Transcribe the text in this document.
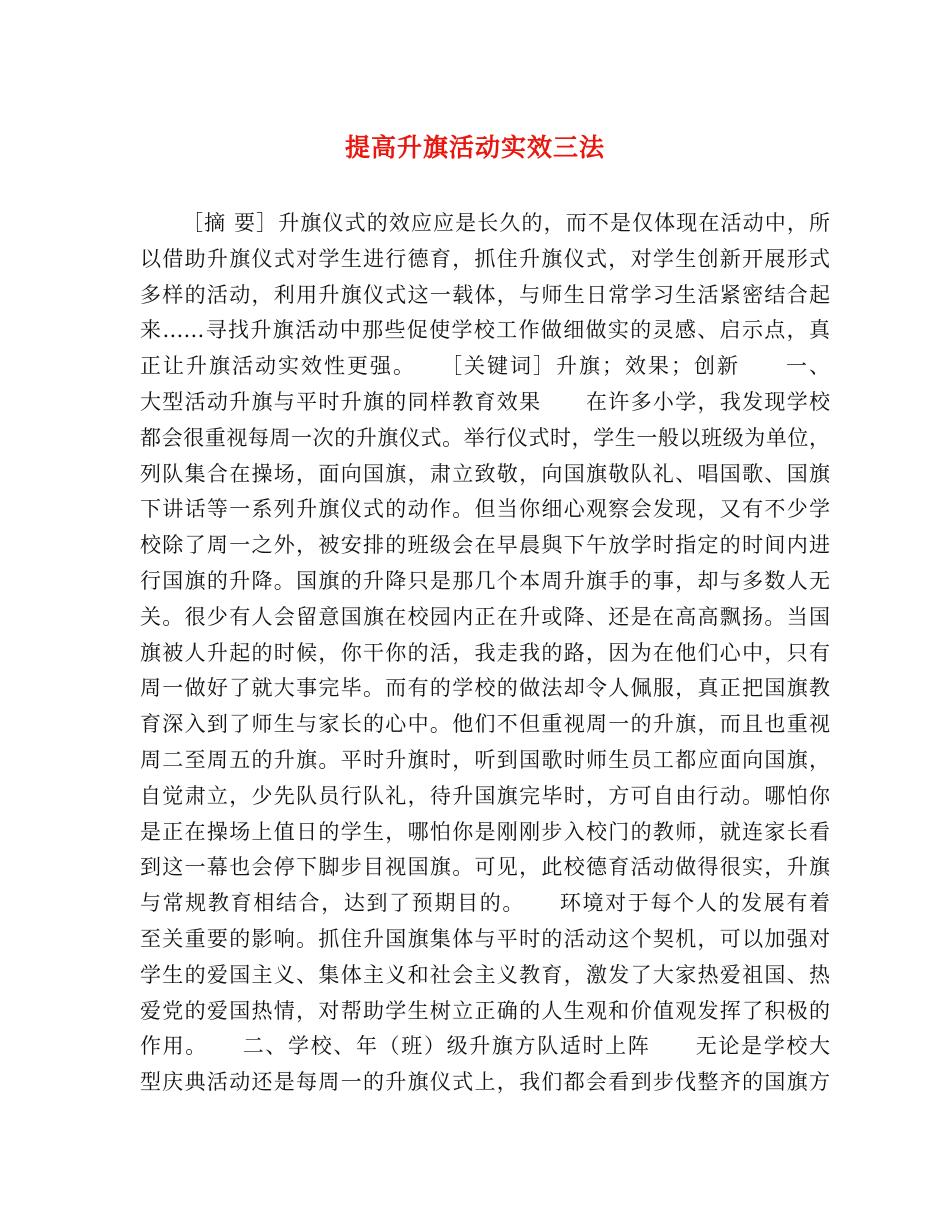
提高升旗活动实效三法
［摘 要］升旗仪式的效应应是长久的，而不是仅体现在活动中，所
以借助升旗仪式对学生进行德育，抓住升旗仪式，对学生创新开展形式
多样的活动，利用升旗仪式这一载体，与师生日常学习生活紧密结合起
来……寻找升旗活动中那些促使学校工作做细做实的灵感、启示点，真
正让升旗活动实效性更强。　　［关键词］升旗；效果；创新　　一、
大型活动升旗与平时升旗的同样教育效果　　在许多小学，我发现学校
都会很重视每周一次的升旗仪式。举行仪式时，学生一般以班级为单位，
列队集合在操场，面向国旗，肃立致敬，向国旗敬队礼、唱国歌、国旗
下讲话等一系列升旗仪式的动作。但当你细心观察会发现，又有不少学
校除了周一之外，被安排的班级会在早晨與下午放学时指定的时间内进
行国旗的升降。国旗的升降只是那几个本周升旗手的事，却与多数人无
关。很少有人会留意国旗在校园内正在升或降、还是在高高飘扬。当国
旗被人升起的时候，你干你的活，我走我的路，因为在他们心中，只有
周一做好了就大事完毕。而有的学校的做法却令人佩服，真正把国旗教
育深入到了师生与家长的心中。他们不但重视周一的升旗，而且也重视
周二至周五的升旗。平时升旗时，听到国歌时师生员工都应面向国旗，
自觉肃立，少先队员行队礼，待升国旗完毕时，方可自由行动。哪怕你
是正在操场上值日的学生，哪怕你是刚刚步入校门的教师，就连家长看
到这一幕也会停下脚步目视国旗。可见，此校德育活动做得很实，升旗
与常规教育相结合，达到了预期目的。　　环境对于每个人的发展有着
至关重要的影响。抓住升国旗集体与平时的活动这个契机，可以加强对
学生的爱国主义、集体主义和社会主义教育，激发了大家热爱祖国、热
爱党的爱国热情，对帮助学生树立正确的人生观和价值观发挥了积极的
作用。　　二、学校、年（班）级升旗方队适时上阵　　无论是学校大
型庆典活动还是每周一的升旗仪式上，我们都会看到步伐整齐的国旗方
